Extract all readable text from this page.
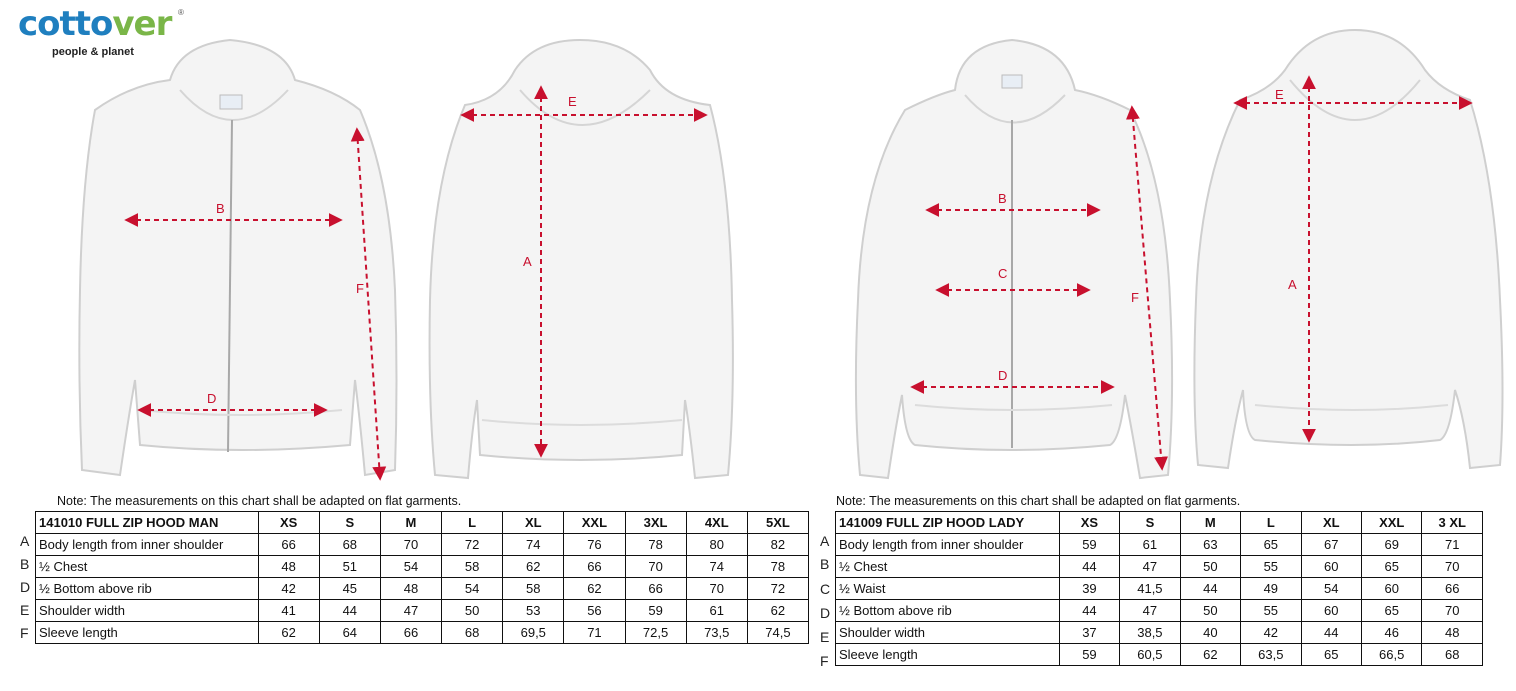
cottover ®
people & planet
B
D
F
E
A
B
C
D
F
E
A
Note: The measurements on this chart shall be adapted on flat garments.
A
B
D
E
F
141010 FULL ZIP HOOD MAN	XS	S	M	L	XL	XXL	3XL	4XL	5XL
Body length from inner shoulder	66	68	70	72	74	76	78	80	82
½ Chest	48	51	54	58	62	66	70	74	78
½ Bottom above rib	42	45	48	54	58	62	66	70	72
Shoulder width	41	44	47	50	53	56	59	61	62
Sleeve length	62	64	66	68	69,5	71	72,5	73,5	74,5
Note: The measurements on this chart shall be adapted on flat garments.
A
B
C
D
E
F
141009 FULL ZIP HOOD LADY	XS	S	M	L	XL	XXL	3 XL
Body length from inner shoulder	59	61	63	65	67	69	71
½ Chest	44	47	50	55	60	65	70
½ Waist	39	41,5	44	49	54	60	66
½ Bottom above rib	44	47	50	55	60	65	70
Shoulder width	37	38,5	40	42	44	46	48
Sleeve length	59	60,5	62	63,5	65	66,5	68
